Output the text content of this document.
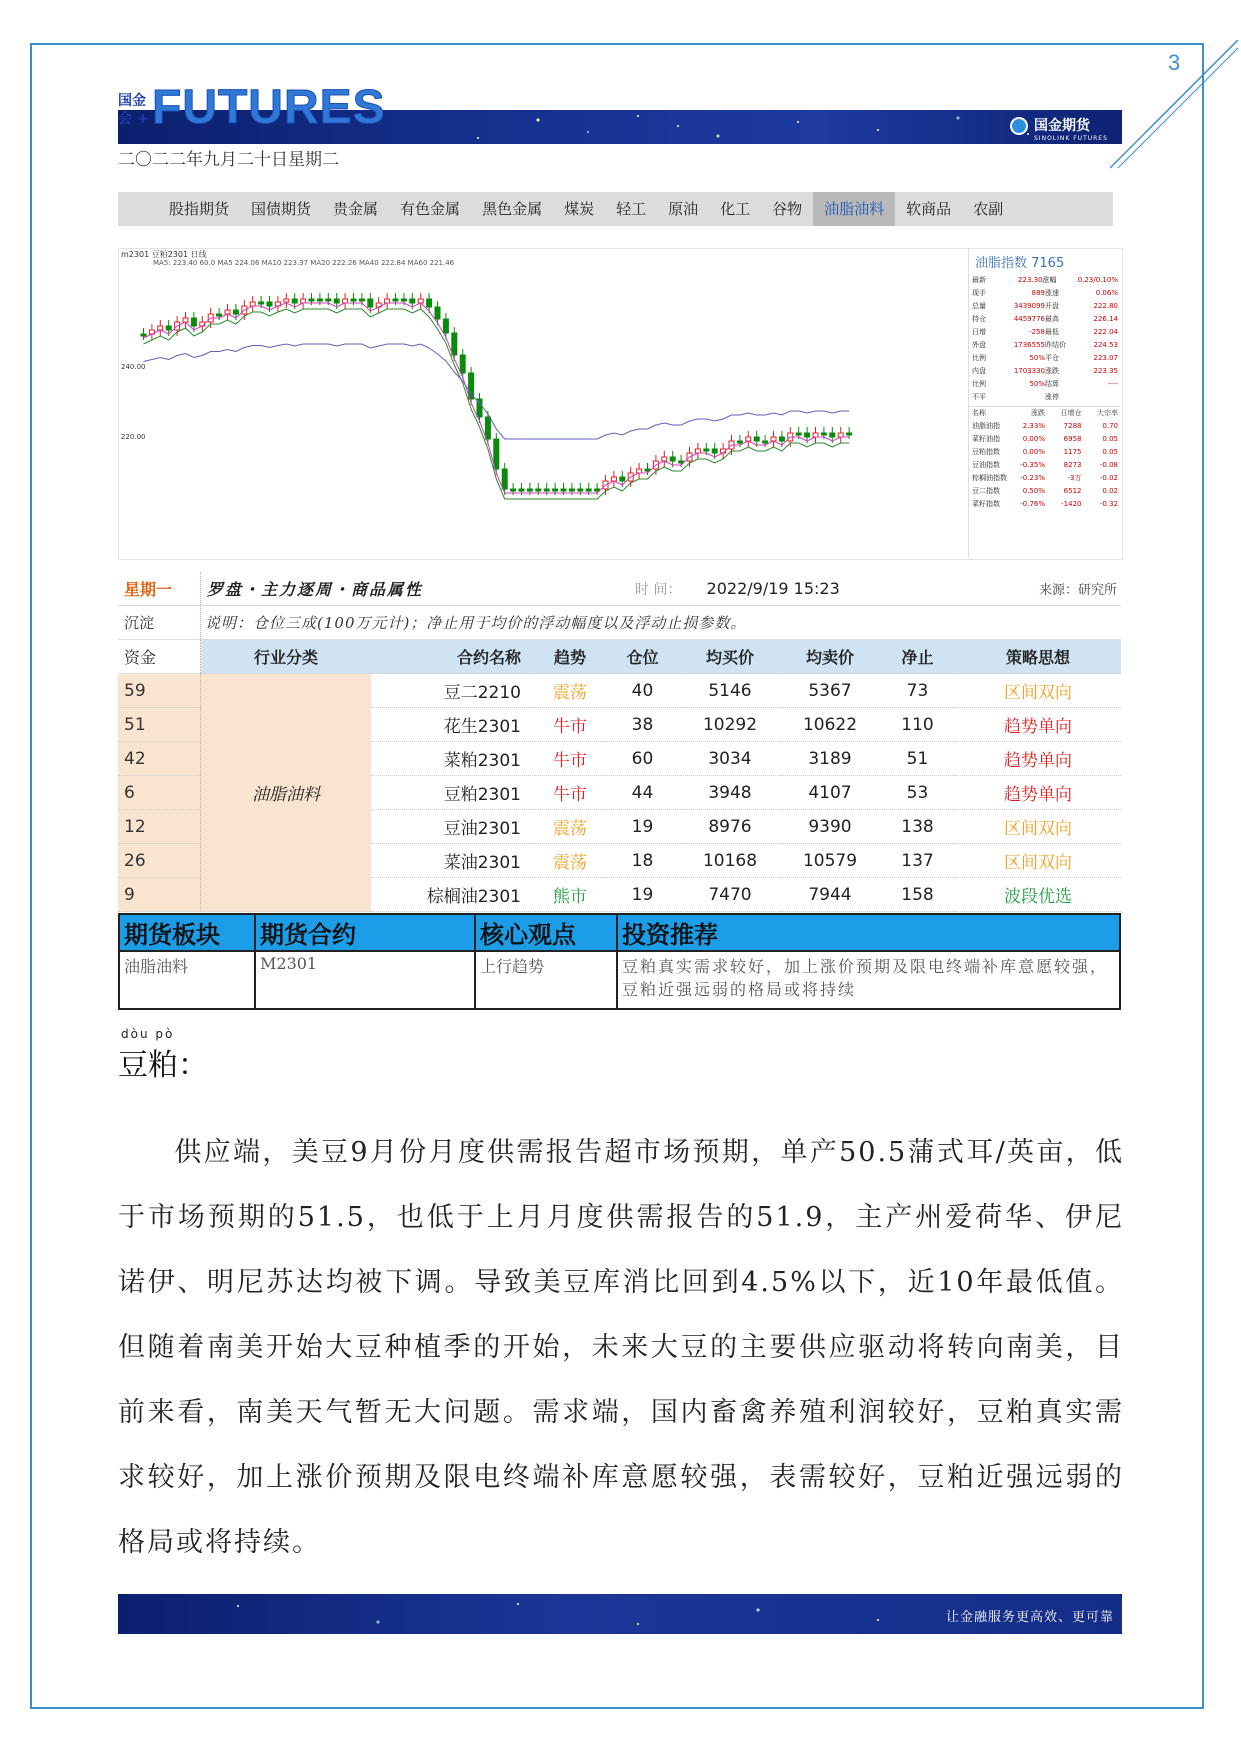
3
国金
会 + FUTURES	国金期货
SINOLINK FUTURES
二〇二二年九月二十日星期二
股指期货	国债期货	贵金属	有色金属	黑色金属	煤炭	轻工	原油	化工	谷物	油脂油料	软商品	农副
m2301 豆粕2301 日线
MA5: 223.40 60.0 MA5 224.06 MA10 223.37 MA20 222.26 MA40 222.84 MA60 221.46
240.00
220.00
油脂指数 7165
最新	223.30 涨幅	0.23/0.10%
现手	889 涨速	0.06%
总量	3439099 开盘	222.80
持仓	4459776 最高	226.14
日增	-258 最低	222.04
外盘	1736555 昨结价	224.53
比例	50% 平仓	223.07
内盘	1703330 涨跌	223.35
比例	50% 结算	----
不平	涨停
名称	涨跌	日增仓	大宗率
油脂油指	2.33%	7288	0.70
菜籽油指	0.00%	6958	0.05
豆粕指数	0.00%	1175	0.05
豆油指数	-0.35%	8273	-0.08
棕榈油指数	-0.23%	-3万	-0.02
豆二指数	0.50%	6512	0.02
菜籽指数	-0.76%	-1420	-0.32
星期一	罗盘・主力逐周・商品属性			时 间： 2022/9/19 15:23			来源：研究所	
沉淀	说明：仓位三成(100万元计)；净止用于均价的浮动幅度以及浮动止损参数。							
资金	行业分类	合约名称	趋势	仓位	均买价	均卖价	净止	策略思想
59	油脂油料	豆二2210	震荡	40	5146	5367	73	区间双向
51		花生2301	牛市	38	10292	10622	110	趋势单向
42		菜粕2301	牛市	60	3034	3189	51	趋势单向
6		豆粕2301	牛市	44	3948	4107	53	趋势单向
12		豆油2301	震荡	19	8976	9390	138	区间双向
26		菜油2301	震荡	18	10168	10579	137	区间双向
9		棕榈油2301	熊市	19	7470	7944	158	波段优选
期货板块	期货合约	核心观点	投资推荐
油脂油料	M2301	上行趋势	豆粕真实需求较好，加上涨价预期及限电终端补库意愿较强，豆粕近强远弱的格局或将持续
dòu pò
豆粕：
供应端，美豆9月份月度供需报告超市场预期，单产50.5蒲式耳/英亩，低于市场预期的51.5，也低于上月月度供需报告的51.9，主产州爱荷华、伊尼诺伊、明尼苏达均被下调。导致美豆库消比回到4.5%以下，近10年最低值。但随着南美开始大豆种植季的开始，未来大豆的主要供应驱动将转向南美，目前来看，南美天气暂无大问题。需求端，国内畜禽养殖利润较好，豆粕真实需求较好，加上涨价预期及限电终端补库意愿较强，表需较好，豆粕近强远弱的格局或将持续。
让金融服务更高效、更可靠
